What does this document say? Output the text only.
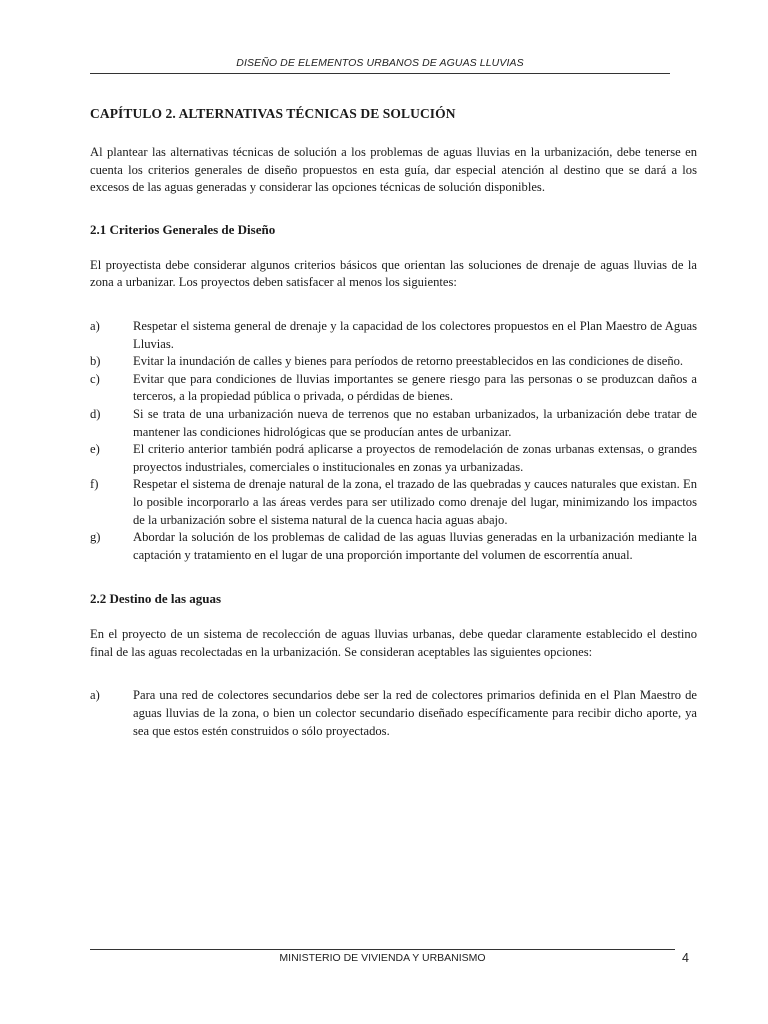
DISEÑO DE ELEMENTOS URBANOS DE AGUAS LLUVIAS
CAPÍTULO 2. ALTERNATIVAS TÉCNICAS DE SOLUCIÓN

Al plantear las alternativas técnicas de solución a los problemas de aguas lluvias en la urbanización, debe tenerse en cuenta los criterios generales de diseño propuestos en esta guía, dar especial atención al destino que se dará a los excesos de las aguas generadas y considerar las opciones técnicas de solución disponibles.

2.1 Criterios Generales de Diseño

El proyectista debe considerar algunos criterios básicos que orientan las soluciones de drenaje de aguas lluvias de la zona a urbanizar. Los proyectos deben satisfacer al menos los siguientes:

a)	Respetar el sistema general de drenaje y la capacidad de los colectores propuestos en el Plan Maestro de Aguas Lluvias.
b)	Evitar la inundación de calles y bienes para períodos de retorno preestablecidos en las condiciones de diseño.
c)	Evitar que para condiciones de lluvias importantes se genere riesgo para las personas o se produzcan daños a terceros, a la propiedad pública o privada, o pérdidas de bienes.
d)	Si se trata de una urbanización nueva de terrenos que no estaban urbanizados, la urbanización debe tratar de mantener las condiciones hidrológicas que se producían antes de urbanizar.
e)	El criterio anterior también podrá aplicarse a proyectos de remodelación de zonas urbanas extensas, o grandes proyectos industriales, comerciales o institucionales en zonas ya urbanizadas.
f)	Respetar el sistema de drenaje natural de la zona, el trazado de las quebradas y cauces naturales que existan. En lo posible incorporarlo a las áreas verdes para ser utilizado como drenaje del lugar, minimizando los impactos de la urbanización sobre el sistema natural de la cuenca hacia aguas abajo.
g)	Abordar la solución de los problemas de calidad de las aguas lluvias generadas en la urbanización mediante la captación y tratamiento en el lugar de una proporción importante del volumen de escorrentía anual.
2.2 Destino de las aguas

En el proyecto de un sistema de recolección de aguas lluvias urbanas, debe quedar claramente establecido el destino final de las aguas recolectadas en la urbanización. Se consideran aceptables las siguientes opciones:

a)	Para una red de colectores secundarios debe ser la red de colectores primarios definida en el Plan Maestro de aguas lluvias de la zona, o bien un colector secundario diseñado específicamente para recibir dicho aporte, ya sea que estos estén construidos o sólo proyectados.
MINISTERIO DE VIVIENDA Y URBANISMO	4
